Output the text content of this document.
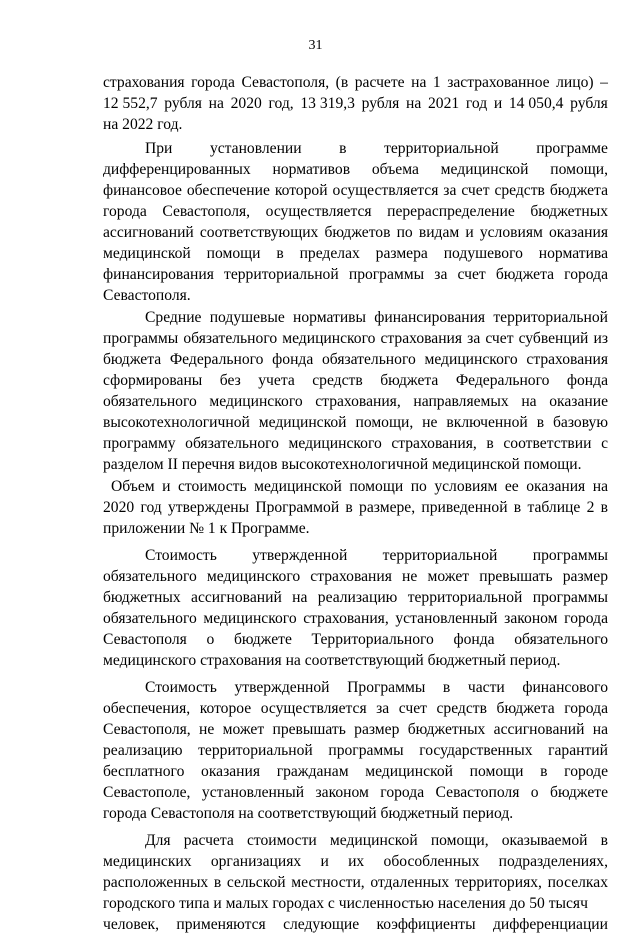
31
страхования города Севастополя, (в расчете на 1 застрахованное лицо) –
12 552,7 рубля на 2020 год, 13 319,3 рубля на 2021 год и 14 050,4 рубля
на 2022 год.
При установлении в территориальной программе
дифференцированных нормативов объема медицинской помощи, финансовое обеспечение которой осуществляется за счет средств бюджета города Севастополя, осуществляется перераспределение бюджетных ассигнований соответствующих бюджетов по видам и условиям оказания медицинской помощи в пределах размера подушевого норматива финансирования территориальной программы за счет бюджета города Севастополя.
Средние подушевые нормативы финансирования территориальной программы обязательного медицинского страхования за счет субвенций из бюджета Федерального фонда обязательного медицинского страхования сформированы без учета средств бюджета Федерального фонда обязательного медицинского страхования, направляемых на оказание высокотехнологичной медицинской помощи, не включенной в базовую программу обязательного медицинского страхования, в соответствии с разделом II перечня видов высокотехнологичной медицинской помощи.
Объем и стоимость медицинской помощи по условиям ее оказания на 2020 год утверждены Программой в размере, приведенной в таблице 2 в приложении № 1 к Программе.
Стоимость утвержденной территориальной программы обязательного медицинского страхования не может превышать размер бюджетных ассигнований на реализацию территориальной программы обязательного медицинского страхования, установленный законом города Севастополя о бюджете Территориального фонда обязательного медицинского страхования на соответствующий бюджетный период.
Стоимость утвержденной Программы в части финансового обеспечения, которое осуществляется за счет средств бюджета города Севастополя, не может превышать размер бюджетных ассигнований на реализацию территориальной программы государственных гарантий бесплатного оказания гражданам медицинской помощи в городе Севастополе, установленный законом города Севастополя о бюджете города Севастополя на соответствующий бюджетный период.
Для расчета стоимости медицинской помощи, оказываемой в медицинских организациях и их обособленных подразделениях, расположенных в сельской местности, отдаленных территориях, поселках городского типа и малых городах с численностью населения до 50 тысяч
человек, применяются следующие коэффициенты дифференциации
